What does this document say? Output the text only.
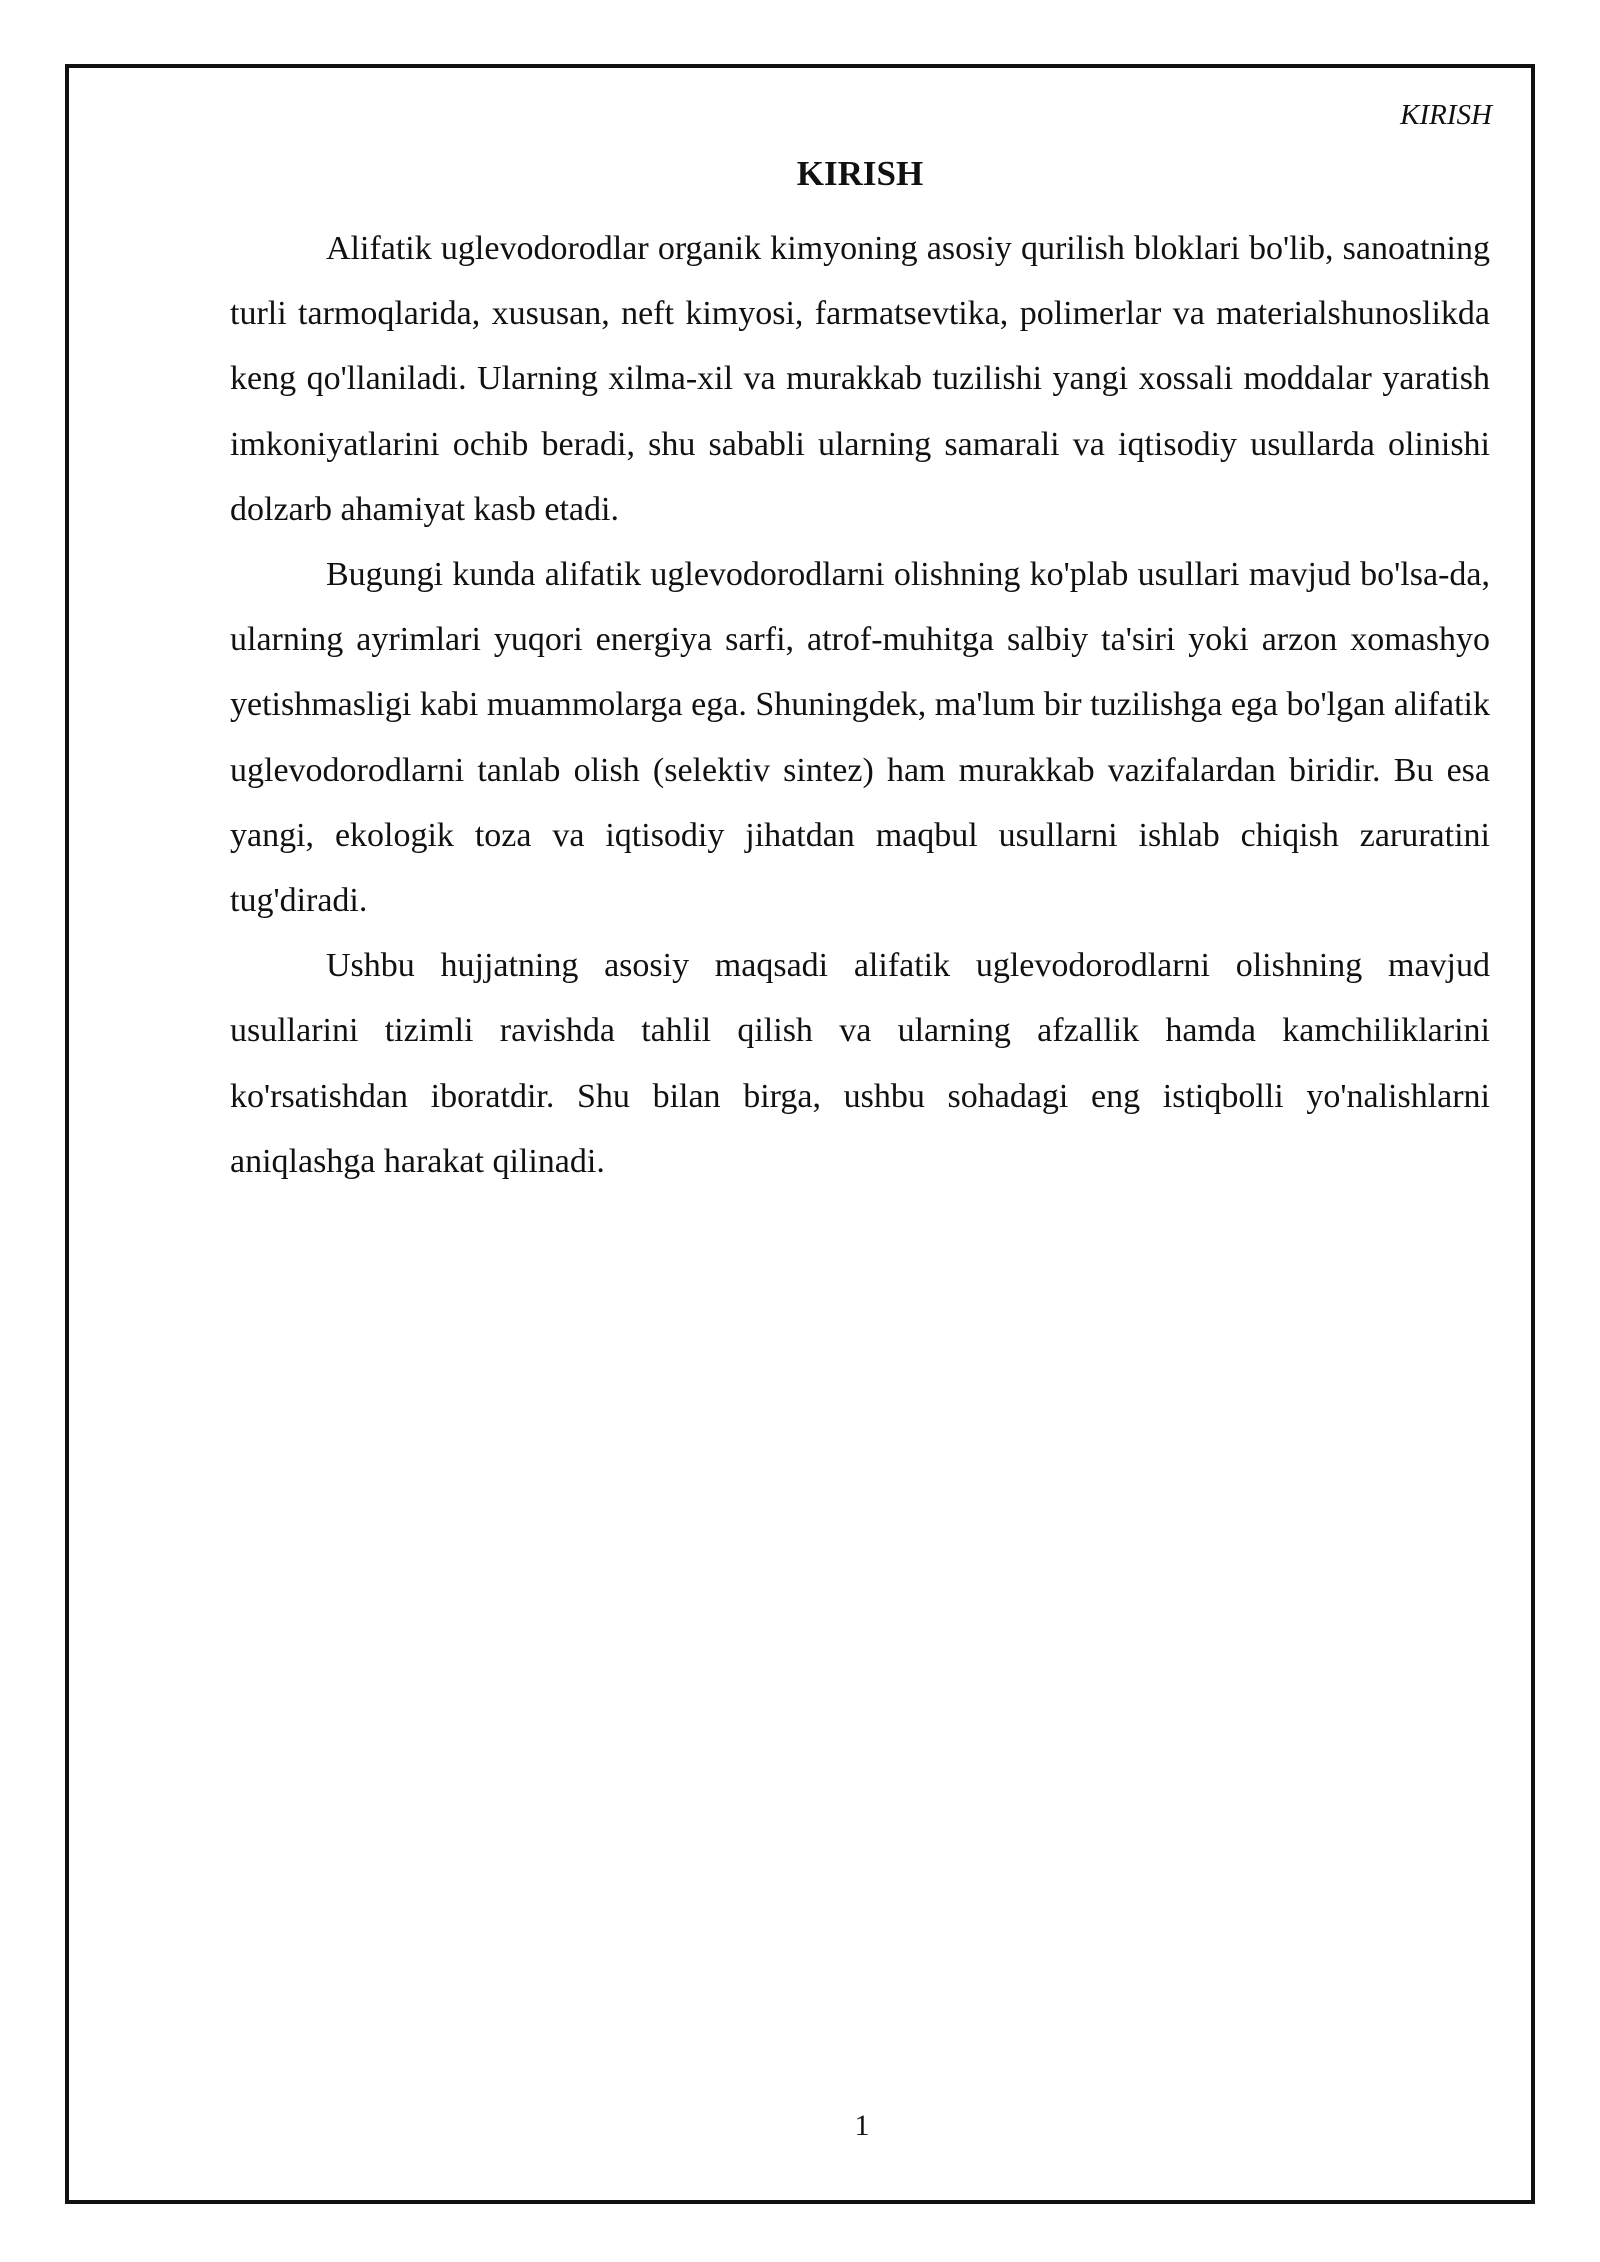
KIRISH
KIRISH

Alifatik uglevodorodlar organik kimyoning asosiy qurilish bloklari bo'lib, sanoatning turli tarmoqlarida, xususan, neft kimyosi, farmatsevtika, polimerlar va materialshunoslikda keng qo'llaniladi. Ularning xilma-xil va murakkab tuzilishi yangi xossali moddalar yaratish imkoniyatlarini ochib beradi, shu sababli ularning samarali va iqtisodiy usullarda olinishi dolzarb ahamiyat kasb etadi.

Bugungi kunda alifatik uglevodorodlarni olishning ko'plab usullari mavjud bo'lsa-da, ularning ayrimlari yuqori energiya sarfi, atrof-muhitga salbiy ta'siri yoki arzon xomashyo yetishmasligi kabi muammolarga ega. Shuningdek, ma'lum bir tuzilishga ega bo'lgan alifatik uglevodorodlarni tanlab olish (selektiv sintez) ham murakkab vazifalardan biridir. Bu esa yangi, ekologik toza va iqtisodiy jihatdan maqbul usullarni ishlab chiqish zaruratini tug'diradi.

Ushbu hujjatning asosiy maqsadi alifatik uglevodorodlarni olishning mavjud usullarini tizimli ravishda tahlil qilish va ularning afzallik hamda kamchiliklarini ko'rsatishdan iboratdir. Shu bilan birga, ushbu sohadagi eng istiqbolli yo'nalishlarni aniqlashga harakat qilinadi.

1
